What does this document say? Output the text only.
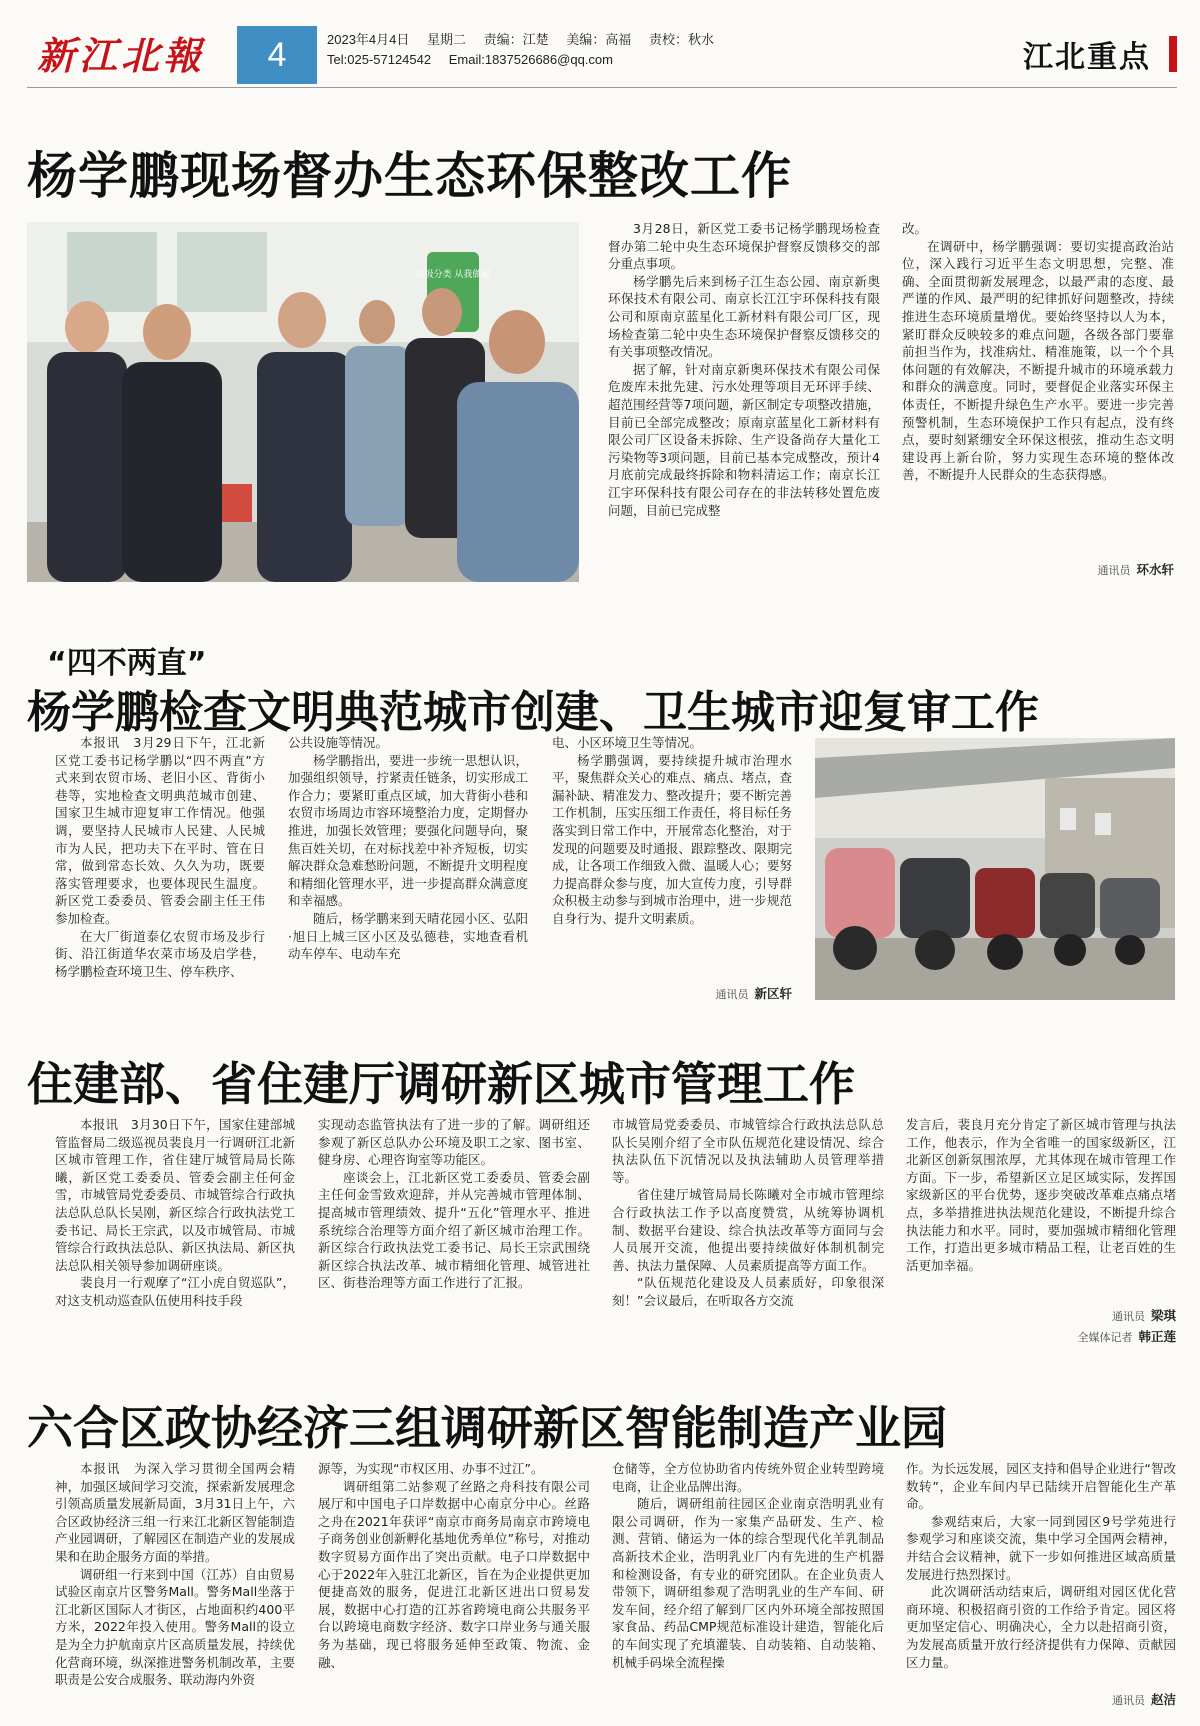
新江北報	4	2023年4月4日 星期二 责编：江楚 美编：高福 责校：秋水
Tel:025-57124542 Email:1837526686@qq.com	江北重点
杨学鹏现场督办生态环保整改工作
垃圾分类 从我做起

3月28日，新区党工委书记杨学鹏现场检查督办第二轮中央生态环境保护督察反馈移交的部分重点事项。

杨学鹏先后来到杨子江生态公园、南京新奥环保技术有限公司、南京长江江宇环保科技有限公司和原南京蓝星化工新材料有限公司厂区，现场检查第二轮中央生态环境保护督察反馈移交的有关事项整改情况。

据了解，针对南京新奥环保技术有限公司保危废库未批先建、污水处理等项目无环评手续、超范围经营等7项问题，新区制定专项整改措施，目前已全部完成整改；原南京蓝星化工新材料有限公司厂区设备未拆除、生产设备尚存大量化工污染物等3项问题，目前已基本完成整改，预计4月底前完成最终拆除和物料清运工作；南京长江江宇环保科技有限公司存在的非法转移处置危废问题，目前已完成整

改。

在调研中，杨学鹏强调：要切实提高政治站位，深入践行习近平生态文明思想，完整、准确、全面贯彻新发展理念，以最严肃的态度、最严谨的作风、最严明的纪律抓好问题整改，持续推进生态环境质量增优。要始终坚持以人为本，紧盯群众反映较多的难点问题，各级各部门要靠前担当作为，找准病灶、精准施策，以一个个具体问题的有效解决，不断提升城市的环境承载力和群众的满意度。同时，要督促企业落实环保主体责任，不断提升绿色生产水平。要进一步完善预警机制，生态环境保护工作只有起点，没有终点，要时刻紧绷安全环保这根弦，推动生态文明建设再上新台阶，努力实现生态环境的整体改善，不断提升人民群众的生态获得感。

通讯员 环水轩
“四不两直”
杨学鹏检查文明典范城市创建、卫生城市迎复审工作

本报讯　3月29日下午，江北新区党工委书记杨学鹏以“四不两直”方式来到农贸市场、老旧小区、背街小巷等，实地检查文明典范城市创建、国家卫生城市迎复审工作情况。他强调，要坚持人民城市人民建、人民城市为人民，把功夫下在平时、管在日常，做到常态长效、久久为功，既要落实管理要求，也要体现民生温度。新区党工委委员、管委会副主任王伟参加检查。

在大厂街道泰亿农贸市场及步行街、沿江街道华农菜市场及启学巷，杨学鹏检查环境卫生、停车秩序、

公共设施等情况。

杨学鹏指出，要进一步统一思想认识，加强组织领导，拧紧责任链条，切实形成工作合力；要紧盯重点区域，加大背街小巷和农贸市场周边市容环境整治力度，定期督办推进，加强长效管理；要强化问题导向，聚焦百姓关切，在对标找差中补齐短板，切实解决群众急难愁盼问题，不断提升文明程度和精细化管理水平，进一步提高群众满意度和幸福感。

随后，杨学鹏来到天晴花园小区、弘阳·旭日上城三区小区及弘德巷，实地查看机动车停车、电动车充

电、小区环境卫生等情况。

杨学鹏强调，要持续提升城市治理水平，聚焦群众关心的难点、痛点、堵点，查漏补缺、精准发力、整改提升；要不断完善工作机制，压实压细工作责任，将目标任务落实到日常工作中，开展常态化整治，对于发现的问题要及时通报、跟踪整改、限期完成，让各项工作细致入微、温暖人心；要努力提高群众参与度，加大宣传力度，引导群众积极主动参与到城市治理中，进一步规范自身行为、提升文明素质。

通讯员 新区轩
住建部、省住建厅调研新区城市管理工作

本报讯　3月30日下午，国家住建部城管监督局二级巡视员裴良月一行调研江北新区城市管理工作，省住建厅城管局局长陈曦，新区党工委委员、管委会副主任何金雪，市城管局党委委员、市城管综合行政执法总队总队长吴刚，新区综合行政执法党工委书记、局长王宗武，以及市城管局、市城管综合行政执法总队、新区执法局、新区执法总队相关领导参加调研座谈。

裴良月一行观摩了“江小虎自贸巡队”，对这支机动巡查队伍使用科技手段

实现动态监管执法有了进一步的了解。调研组还参观了新区总队办公环境及职工之家、图书室、健身房、心理咨询室等功能区。

座谈会上，江北新区党工委委员、管委会副主任何金雪致欢迎辞，并从完善城市管理体制、提高城市管理绩效、提升“五化”管理水平、推进系统综合治理等方面介绍了新区城市治理工作。新区综合行政执法党工委书记、局长王宗武围绕新区综合执法改革、城市精细化管理、城管进社区、街巷治理等方面工作进行了汇报。

市城管局党委委员、市城管综合行政执法总队总队长吴刚介绍了全市队伍规范化建设情况、综合执法队伍下沉情况以及执法辅助人员管理举措等。

省住建厅城管局局长陈曦对全市城市管理综合行政执法工作予以高度赞赏，从统筹协调机制、数据平台建设、综合执法改革等方面同与会人员展开交流，他提出要持续做好体制机制完善、执法力量保障、人员素质提高等方面工作。

“队伍规范化建设及人员素质好，印象很深刻！”会议最后，在听取各方交流

发言后，裴良月充分肯定了新区城市管理与执法工作，他表示，作为全省唯一的国家级新区，江北新区创新氛围浓厚，尤其体现在城市管理工作方面。下一步，希望新区立足区域实际，发挥国家级新区的平台优势，逐步突破改革难点痛点堵点，多举措推进执法规范化建设，不断提升综合执法能力和水平。同时，要加强城市精细化管理工作，打造出更多城市精品工程，让老百姓的生活更加幸福。

通讯员 梁琪
全媒体记者 韩正莲
六合区政协经济三组调研新区智能制造产业园

本报讯　为深入学习贯彻全国两会精神，加强区域间学习交流，探索新发展理念引领高质量发展新局面，3月31日上午，六合区政协经济三组一行来江北新区智能制造产业园调研，了解园区在制造产业的发展成果和在助企服务方面的举措。

调研组一行来到中国（江苏）自由贸易试验区南京片区警务Mall。警务Mall坐落于江北新区国际人才街区，占地面积约400平方米，2022年投入使用。警务Mall的设立是为全力护航南京片区高质量发展，持续优化营商环境，纵深推进警务机制改革，主要职责是公安合成服务、联动海内外资

源等，为实现“市权区用、办事不过江”。

调研组第二站参观了丝路之舟科技有限公司展厅和中国电子口岸数据中心南京分中心。丝路之舟在2021年获评“南京市商务局南京市跨境电子商务创业创新孵化基地优秀单位”称号，对推动数字贸易方面作出了突出贡献。电子口岸数据中心于2022年入驻江北新区，旨在为企业提供更加便捷高效的服务，促进江北新区进出口贸易发展，数据中心打造的江苏省跨境电商公共服务平台以跨境电商数字经济、数字口岸业务与通关服务为基础，现已将服务延伸至政策、物流、金融、

仓储等，全方位协助省内传统外贸企业转型跨境电商，让企业品牌出海。

随后，调研组前往园区企业南京浩明乳业有限公司调研，作为一家集产品研发、生产、检测、营销、储运为一体的综合型现代化羊乳制品高新技术企业，浩明乳业厂内有先进的生产机器和检测设备，有专业的研究团队。在企业负责人带领下，调研组参观了浩明乳业的生产车间、研发车间，经介绍了解到厂区内外环境全部按照国家食品、药品CMP规范标准设计建造，智能化后的车间实现了充填灌装、自动装箱、自动装箱、机械手码垛全流程操

作。为长远发展，园区支持和倡导企业进行“智改数转”，企业车间内早已陆续开启智能化生产革命。

参观结束后，大家一同到园区9号学苑进行参观学习和座谈交流，集中学习全国两会精神，并结合会议精神，就下一步如何推进区域高质量发展进行热烈探讨。

此次调研活动结束后，调研组对园区优化营商环境、积极招商引资的工作给予肯定。园区将更加坚定信心、明确决心，全力以赴招商引资，为发展高质量开放行经济提供有力保障、贡献园区力量。

通讯员 赵洁
